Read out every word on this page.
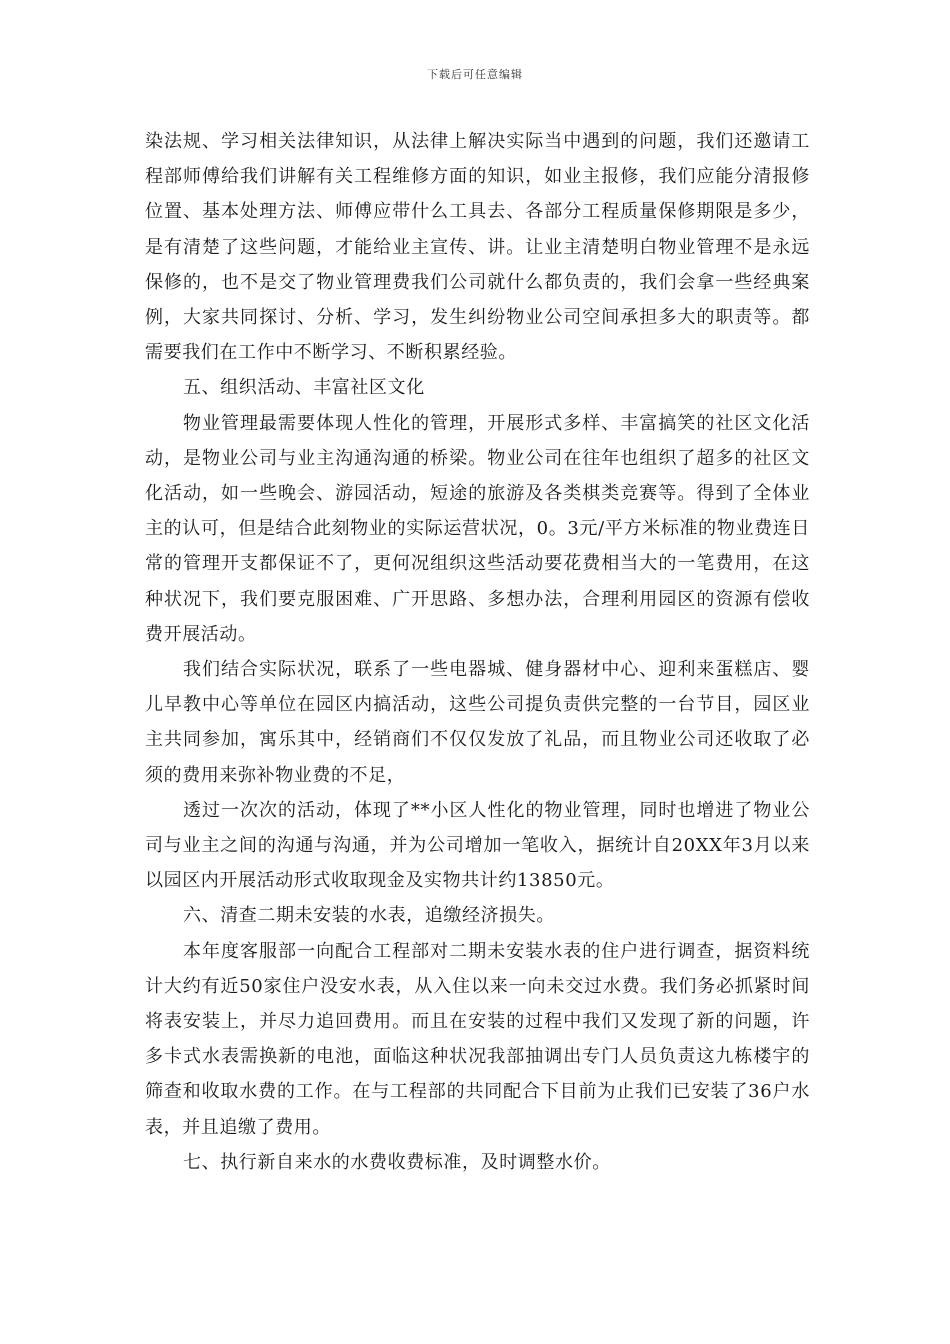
下载后可任意编辑

染法规、学习相关法律知识，从法律上解决实际当中遇到的问题，我们还邀请工程部师傅给我们讲解有关工程维修方面的知识，如业主报修，我们应能分清报修位置、基本处理方法、师傅应带什么工具去、各部分工程质量保修期限是多少，是有清楚了这些问题，才能给业主宣传、讲。让业主清楚明白物业管理不是永远保修的，也不是交了物业管理费我们公司就什么都负责的，我们会拿一些经典案例，大家共同探讨、分析、学习，发生纠纷物业公司空间承担多大的职责等。都需要我们在工作中不断学习、不断积累经验。

五、组织活动、丰富社区文化

物业管理最需要体现人性化的管理，开展形式多样、丰富搞笑的社区文化活动，是物业公司与业主沟通沟通的桥梁。物业公司在往年也组织了超多的社区文化活动，如一些晚会、游园活动，短途的旅游及各类棋类竞赛等。得到了全体业主的认可，但是结合此刻物业的实际运营状况，0。3元/平方米标准的物业费连日常的管理开支都保证不了，更何况组织这些活动要花费相当大的一笔费用，在这种状况下，我们要克服困难、广开思路、多想办法，合理利用园区的资源有偿收费开展活动。

我们结合实际状况，联系了一些电器城、健身器材中心、迎利来蛋糕店、婴儿早教中心等单位在园区内搞活动，这些公司提负责供完整的一台节目，园区业主共同参加，寓乐其中，经销商们不仅仅发放了礼品，而且物业公司还收取了必须的费用来弥补物业费的不足，

透过一次次的活动，体现了**小区人性化的物业管理，同时也增进了物业公司与业主之间的沟通与沟通，并为公司增加一笔收入，据统计自20XX年3月以来以园区内开展活动形式收取现金及实物共计约13850元。

六、清查二期未安装的水表，追缴经济损失。

本年度客服部一向配合工程部对二期未安装水表的住户进行调查，据资料统计大约有近50家住户没安水表，从入住以来一向未交过水费。我们务必抓紧时间将表安装上，并尽力追回费用。而且在安装的过程中我们又发现了新的问题，许多卡式水表需换新的电池，面临这种状况我部抽调出专门人员负责这九栋楼宇的筛查和收取水费的工作。在与工程部的共同配合下目前为止我们已安装了36户水表，并且追缴了费用。

七、执行新自来水的水费收费标准，及时调整水价。
